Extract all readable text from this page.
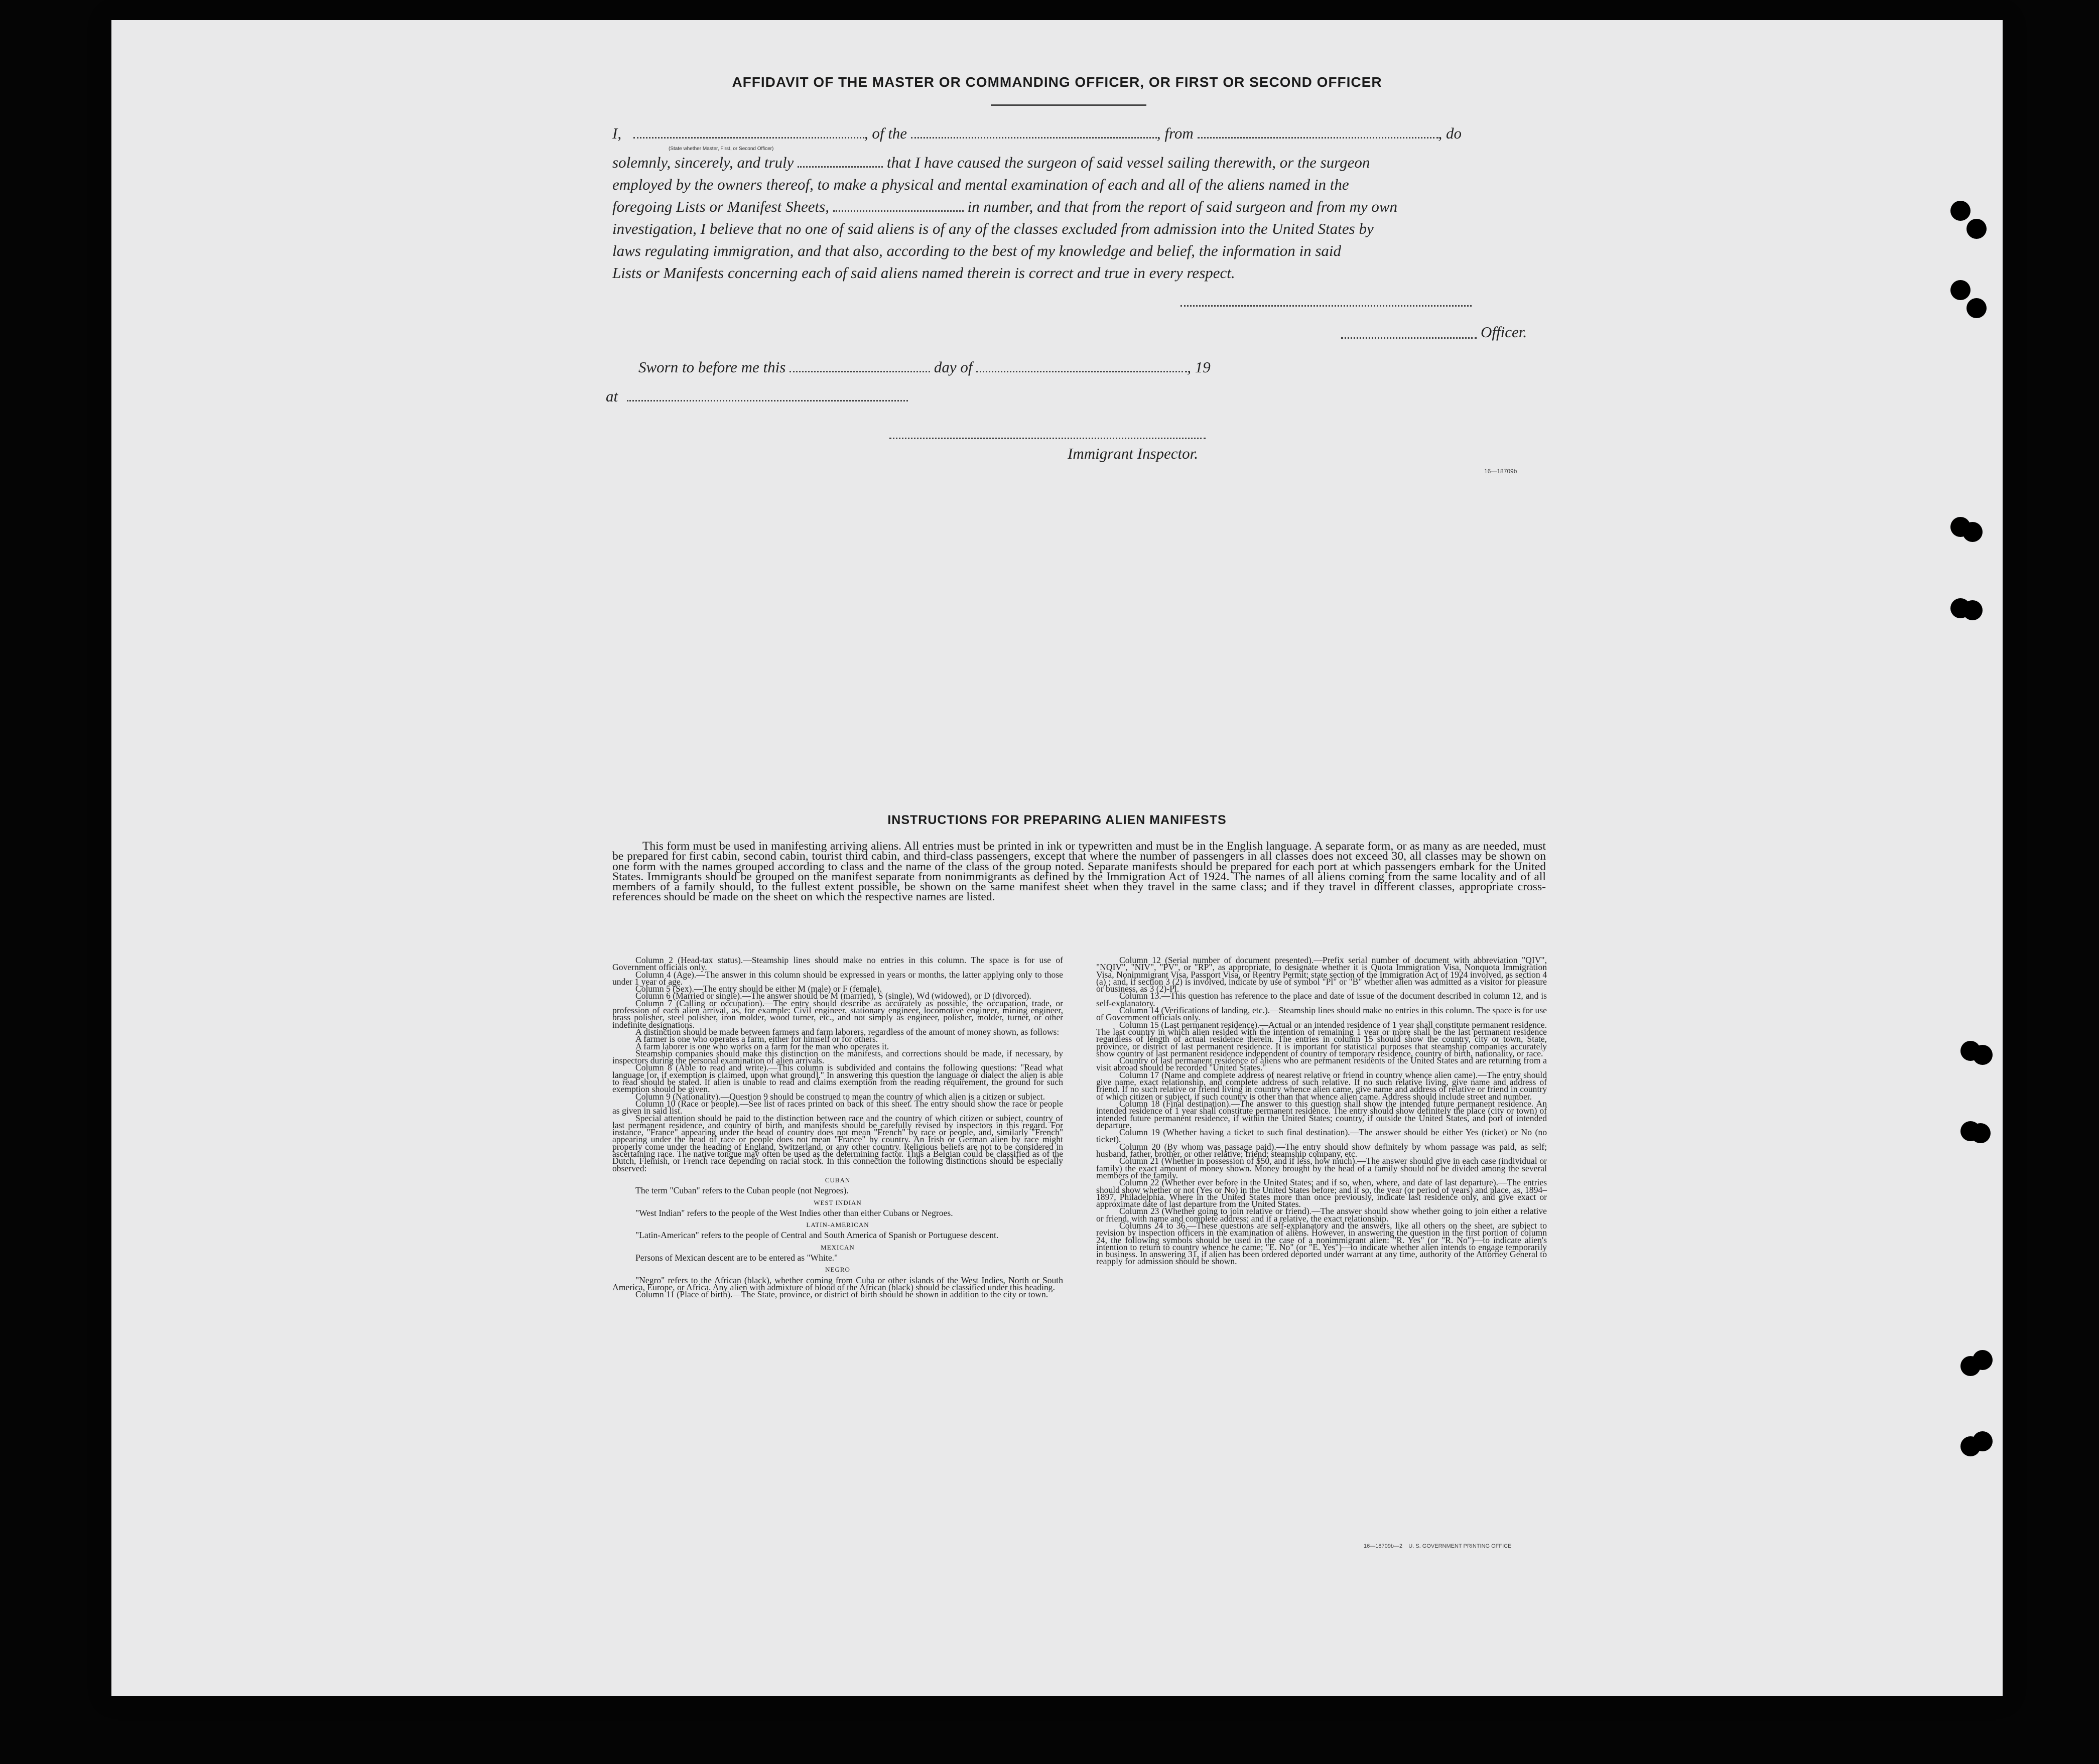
AFFIDAVIT OF THE MASTER OR COMMANDING OFFICER, OR FIRST OR SECOND OFFICER
I,	, of the	, from	, do
(State whether Master, First, or Second Officer)
solemnly, sincerely, and truly	that I have caused the surgeon of said vessel sailing therewith, or the surgeon
employed by the owners thereof, to make a physical and mental examination of each and all of the aliens named in the
foregoing Lists or Manifest Sheets,	in number, and that from the report of said surgeon and from my own
investigation, I believe that no one of said aliens is of any of the classes excluded from admission into the United States by
laws regulating immigration, and that also, according to the best of my knowledge and belief, the information in said
Lists or Manifests concerning each of said aliens named therein is correct and true in every respect.
Officer.
Sworn to before me this	day of	, 19
at
Immigrant Inspector.
16—18709b
INSTRUCTIONS FOR PREPARING ALIEN MANIFESTS

This form must be used in manifesting arriving aliens. All entries must be printed in ink or typewritten and must be in the English language. A separate form, or as many as are needed, must be prepared for first cabin, second cabin, tourist third cabin, and third-class passengers, except that where the number of passengers in all classes does not exceed 30, all classes may be shown on one form with the names grouped according to class and the name of the class of the group noted. Separate manifests should be prepared for each port at which passengers embark for the United States. Immigrants should be grouped on the manifest separate from nonimmigrants as defined by the Immigration Act of 1924. The names of all aliens coming from the same locality and of all members of a family should, to the fullest extent possible, be shown on the same manifest sheet when they travel in the same class; and if they travel in different classes, appropriate cross-references should be made on the sheet on which the respective names are listed.

Column 2 (Head-tax status).—Steamship lines should make no entries in this column. The space is for use of Government officials only.

Column 4 (Age).—The answer in this column should be expressed in years or months, the latter applying only to those under 1 year of age.

Column 5 (Sex).—The entry should be either M (male) or F (female).

Column 6 (Married or single).—The answer should be M (married), S (single), Wd (widowed), or D (divorced).

Column 7 (Calling or occupation).—The entry should describe as accurately as possible, the occupation, trade, or profession of each alien arrival, as, for example: Civil engineer, stationary engineer, locomotive engineer, mining engineer, brass polisher, steel polisher, iron molder, wood turner, etc., and not simply as engineer, polisher, molder, turner, or other indefinite designations.

A distinction should be made between farmers and farm laborers, regardless of the amount of money shown, as follows:

A farmer is one who operates a farm, either for himself or for others.

A farm laborer is one who works on a farm for the man who operates it.

Steamship companies should make this distinction on the manifests, and corrections should be made, if necessary, by inspectors during the personal examination of alien arrivals.

Column 8 (Able to read and write).—This column is subdivided and contains the following questions: "Read what language [or, if exemption is claimed, upon what ground]." In answering this question the language or dialect the alien is able to read should be stated. If alien is unable to read and claims exemption from the reading requirement, the ground for such exemption should be given.

Column 9 (Nationality).—Question 9 should be construed to mean the country of which alien is a citizen or subject.

Column 10 (Race or people).—See list of races printed on back of this sheet. The entry should show the race or people as given in said list.

Special attention should be paid to the distinction between race and the country of which citizen or subject, country of last permanent residence, and country of birth, and manifests should be carefully revised by inspectors in this regard. For instance, "France" appearing under the head of country does not mean "French" by race or people, and, similarly "French" appearing under the head of race or people does not mean "France" by country. An Irish or German alien by race might properly come under the heading of England, Switzerland, or any other country. Religious beliefs are not to be considered in ascertaining race. The native tongue may often be used as the determining factor. Thus a Belgian could be classified as of the Dutch, Flemish, or French race depending on racial stock. In this connection the following distinctions should be especially observed:

CUBAN

The term "Cuban" refers to the Cuban people (not Negroes).

WEST INDIAN

"West Indian" refers to the people of the West Indies other than either Cubans or Negroes.

LATIN-AMERICAN

"Latin-American" refers to the people of Central and South America of Spanish or Portuguese descent.

MEXICAN

Persons of Mexican descent are to be entered as "White."

NEGRO

"Negro" refers to the African (black), whether coming from Cuba or other islands of the West Indies, North or South America, Europe, or Africa. Any alien with admixture of blood of the African (black) should be classified under this heading.

Column 11 (Place of birth).—The State, province, or district of birth should be shown in addition to the city or town.

Column 12 (Serial number of document presented).—Prefix serial number of document with abbreviation "QIV", "NQIV", "NIV", "PV", or "RP", as appropriate, to designate whether it is Quota Immigration Visa, Nonquota Immigration Visa, Nonimmigrant Visa, Passport Visa, or Reentry Permit; state section of the Immigration Act of 1924 involved, as section 4 (a) ; and, if section 3 (2) is involved, indicate by use of symbol "Pl" or "B" whether alien was admitted as a visitor for pleasure or business, as 3 (2)-Pl.

Column 13.—This question has reference to the place and date of issue of the document described in column 12, and is self-explanatory.

Column 14 (Verifications of landing, etc.).—Steamship lines should make no entries in this column. The space is for use of Government officials only.

Column 15 (Last permanent residence).—Actual or an intended residence of 1 year shall constitute permanent residence. The last country in which alien resided with the intention of remaining 1 year or more shall be the last permanent residence regardless of length of actual residence therein. The entries in column 15 should show the country, city or town, State, province, or district of last permanent residence. It is important for statistical purposes that steamship companies accurately show country of last permanent residence independent of country of temporary residence, country of birth, nationality, or race.

Country of last permanent residence of aliens who are permanent residents of the United States and are returning from a visit abroad should be recorded "United States."

Column 17 (Name and complete address of nearest relative or friend in country whence alien came).—The entry should give name, exact relationship, and complete address of such relative. If no such relative living, give name and address of friend. If no such relative or friend living in country whence alien came, give name and address of relative or friend in country of which citizen or subject, if such country is other than that whence alien came. Address should include street and number.

Column 18 (Final destination).—The answer to this question shall show the intended future permanent residence. An intended residence of 1 year shall constitute permanent residence. The entry should show definitely the place (city or town) of intended future permanent residence, if within the United States; country, if outside the United States, and port of intended departure.

Column 19 (Whether having a ticket to such final destination).—The answer should be either Yes (ticket) or No (no ticket).

Column 20 (By whom was passage paid).—The entry should show definitely by whom passage was paid, as self; husband, father, brother, or other relative; friend; steamship company, etc.

Column 21 (Whether in possession of $50, and if less, how much).—The answer should give in each case (individual or family) the exact amount of money shown. Money brought by the head of a family should not be divided among the several members of the family.

Column 22 (Whether ever before in the United States; and if so, when, where, and date of last departure).—The entries should show whether or not (Yes or No) in the United States before; and if so, the year (or period of years) and place, as, 1894–1897, Philadelphia. Where in the United States more than once previously, indicate last residence only, and give exact or approximate date of last departure from the United States.

Column 23 (Whether going to join relative or friend).—The answer should show whether going to join either a relative or friend, with name and complete address; and if a relative, the exact relationship.

Columns 24 to 36.—These questions are self-explanatory and the answers, like all others on the sheet, are subject to revision by inspection officers in the examination of aliens. However, in answering the question in the first portion of column 24, the following symbols should be used in the case of a nonimmigrant alien: "R. Yes" (or "R. No")—to indicate alien's intention to return to country whence he came; "E. No" (or "E. Yes")—to indicate whether alien intends to engage temporarily in business. In answering 31, if alien has been ordered deported under warrant at any time, authority of the Attorney General to reapply for admission should be shown.

16—18709b—2    U. S. GOVERNMENT PRINTING OFFICE
